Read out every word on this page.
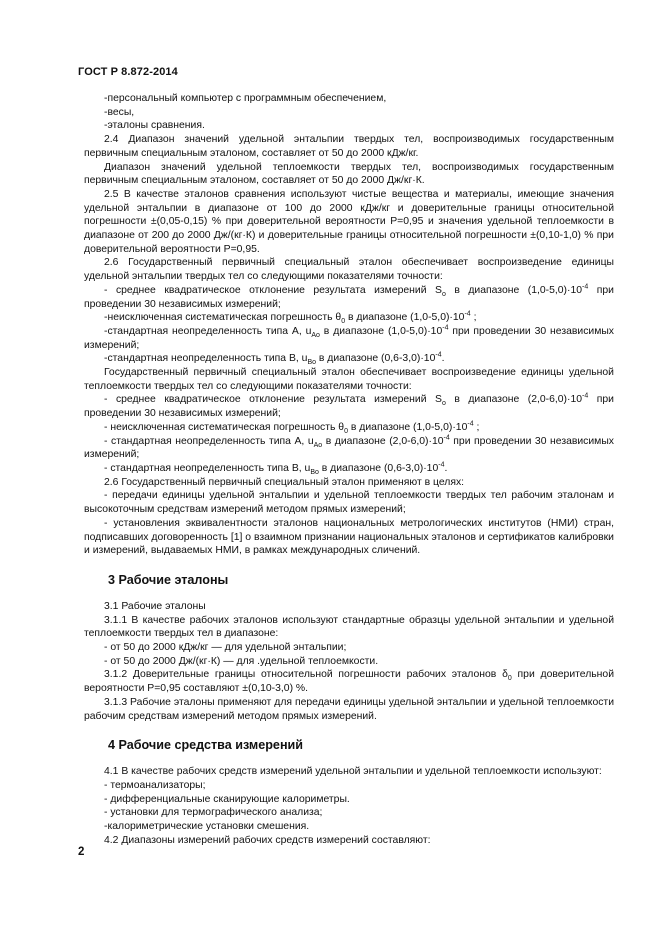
ГОСТ Р 8.872-2014

-персональный компьютер с программным обеспечением,

-весы,

-эталоны сравнения.

2.4 Диапазон значений удельной энтальпии твердых тел, воспроизводимых государственным первичным специальным эталоном, составляет от 50 до 2000 кДж/кг.

Диапазон значений удельной теплоемкости твердых тел, воспроизводимых государственным первичным специальным эталоном, составляет от 50 до 2000 Дж/кг·К.

2.5 В качестве эталонов сравнения используют чистые вещества и материалы, имеющие значения удельной энтальпии в диапазоне от 100 до 2000 кДж/кг и доверительные границы относительной погрешности ±(0,05-0,15) % при доверительной вероятности Р=0,95 и значения удельной теплоемкости в диапазоне от 200 до 2000 Дж/(кг·К) и доверительные границы относительной погрешности ±(0,10-1,0) % при доверительной вероятности Р=0,95.

2.6 Государственный первичный специальный эталон обеспечивает воспроизведение единицы удельной энтальпии твердых тел со следующими показателями точности:

- среднее квадратическое отклонение результата измерений $S_o$ в диапазоне $(1,0-5,0)\cdot 10^{-4}$ при проведении 30 независимых измерений;

-неисключенная систематическая погрешность $\theta_0$ в диапазоне $(1,0-5,0)\cdot 10^{-4}$ ;

-стандартная неопределенность типа А, $u_{Ao}$ в диапазоне $(1,0-5,0)\cdot 10^{-4}$ при проведении 30 независимых измерений;

-стандартная неопределенность типа В, $u_{Bo}$ в диапазоне $(0,6-3,0)\cdot 10^{-4}$.

Государственный первичный специальный эталон обеспечивает воспроизведение единицы удельной теплоемкости твердых тел со следующими показателями точности:

- среднее квадратическое отклонение результата измерений $S_o$ в диапазоне $(2,0-6,0)\cdot 10^{-4}$ при проведении 30 независимых измерений;

- неисключенная систематическая погрешность $\theta_0$ в диапазоне $(1,0-5,0)\cdot 10^{-4}$ ;

- стандартная неопределенность типа А, $u_{Ao}$ в диапазоне $(2,0-6,0)\cdot 10^{-4}$ при проведении 30 независимых измерений;

- стандартная неопределенность типа В, $u_{Bo}$ в диапазоне $(0,6-3,0)\cdot 10^{-4}$.

2.6 Государственный первичный специальный эталон применяют в целях:

- передачи единицы удельной энтальпии и удельной теплоемкости твердых тел рабочим эталонам и высокоточным средствам измерений методом прямых измерений;

- установления эквивалентности эталонов национальных метрологических институтов (НМИ) стран, подписавших договоренность [1] о взаимном признании национальных эталонов и сертификатов калибровки и измерений, выдаваемых НМИ, в рамках международных сличений.

3 Рабочие эталоны

3.1 Рабочие эталоны

3.1.1 В качестве рабочих эталонов используют стандартные образцы удельной энтальпии и удельной теплоемкости твердых тел в диапазоне:

- от 50 до 2000 кДж/кг — для удельной энтальпии;

- от 50 до 2000 Дж/(кг·К) — для .удельной теплоемкости.

3.1.2 Доверительные границы относительной погрешности рабочих эталонов $\delta_0$ при доверительной вероятности Р=0,95 составляют ±(0,10-3,0) %.

3.1.3 Рабочие эталоны применяют для передачи единицы удельной энтальпии и удельной теплоемкости рабочим средствам измерений методом прямых измерений.

4 Рабочие средства измерений

4.1 В качестве рабочих средств измерений удельной энтальпии и удельной теплоемкости используют:

- термоанализаторы;

- дифференциальные сканирующие калориметры.

- установки для термографического анализа;

-калориметрические установки смешения.

4.2 Диапазоны измерений рабочих средств измерений составляют:

2
